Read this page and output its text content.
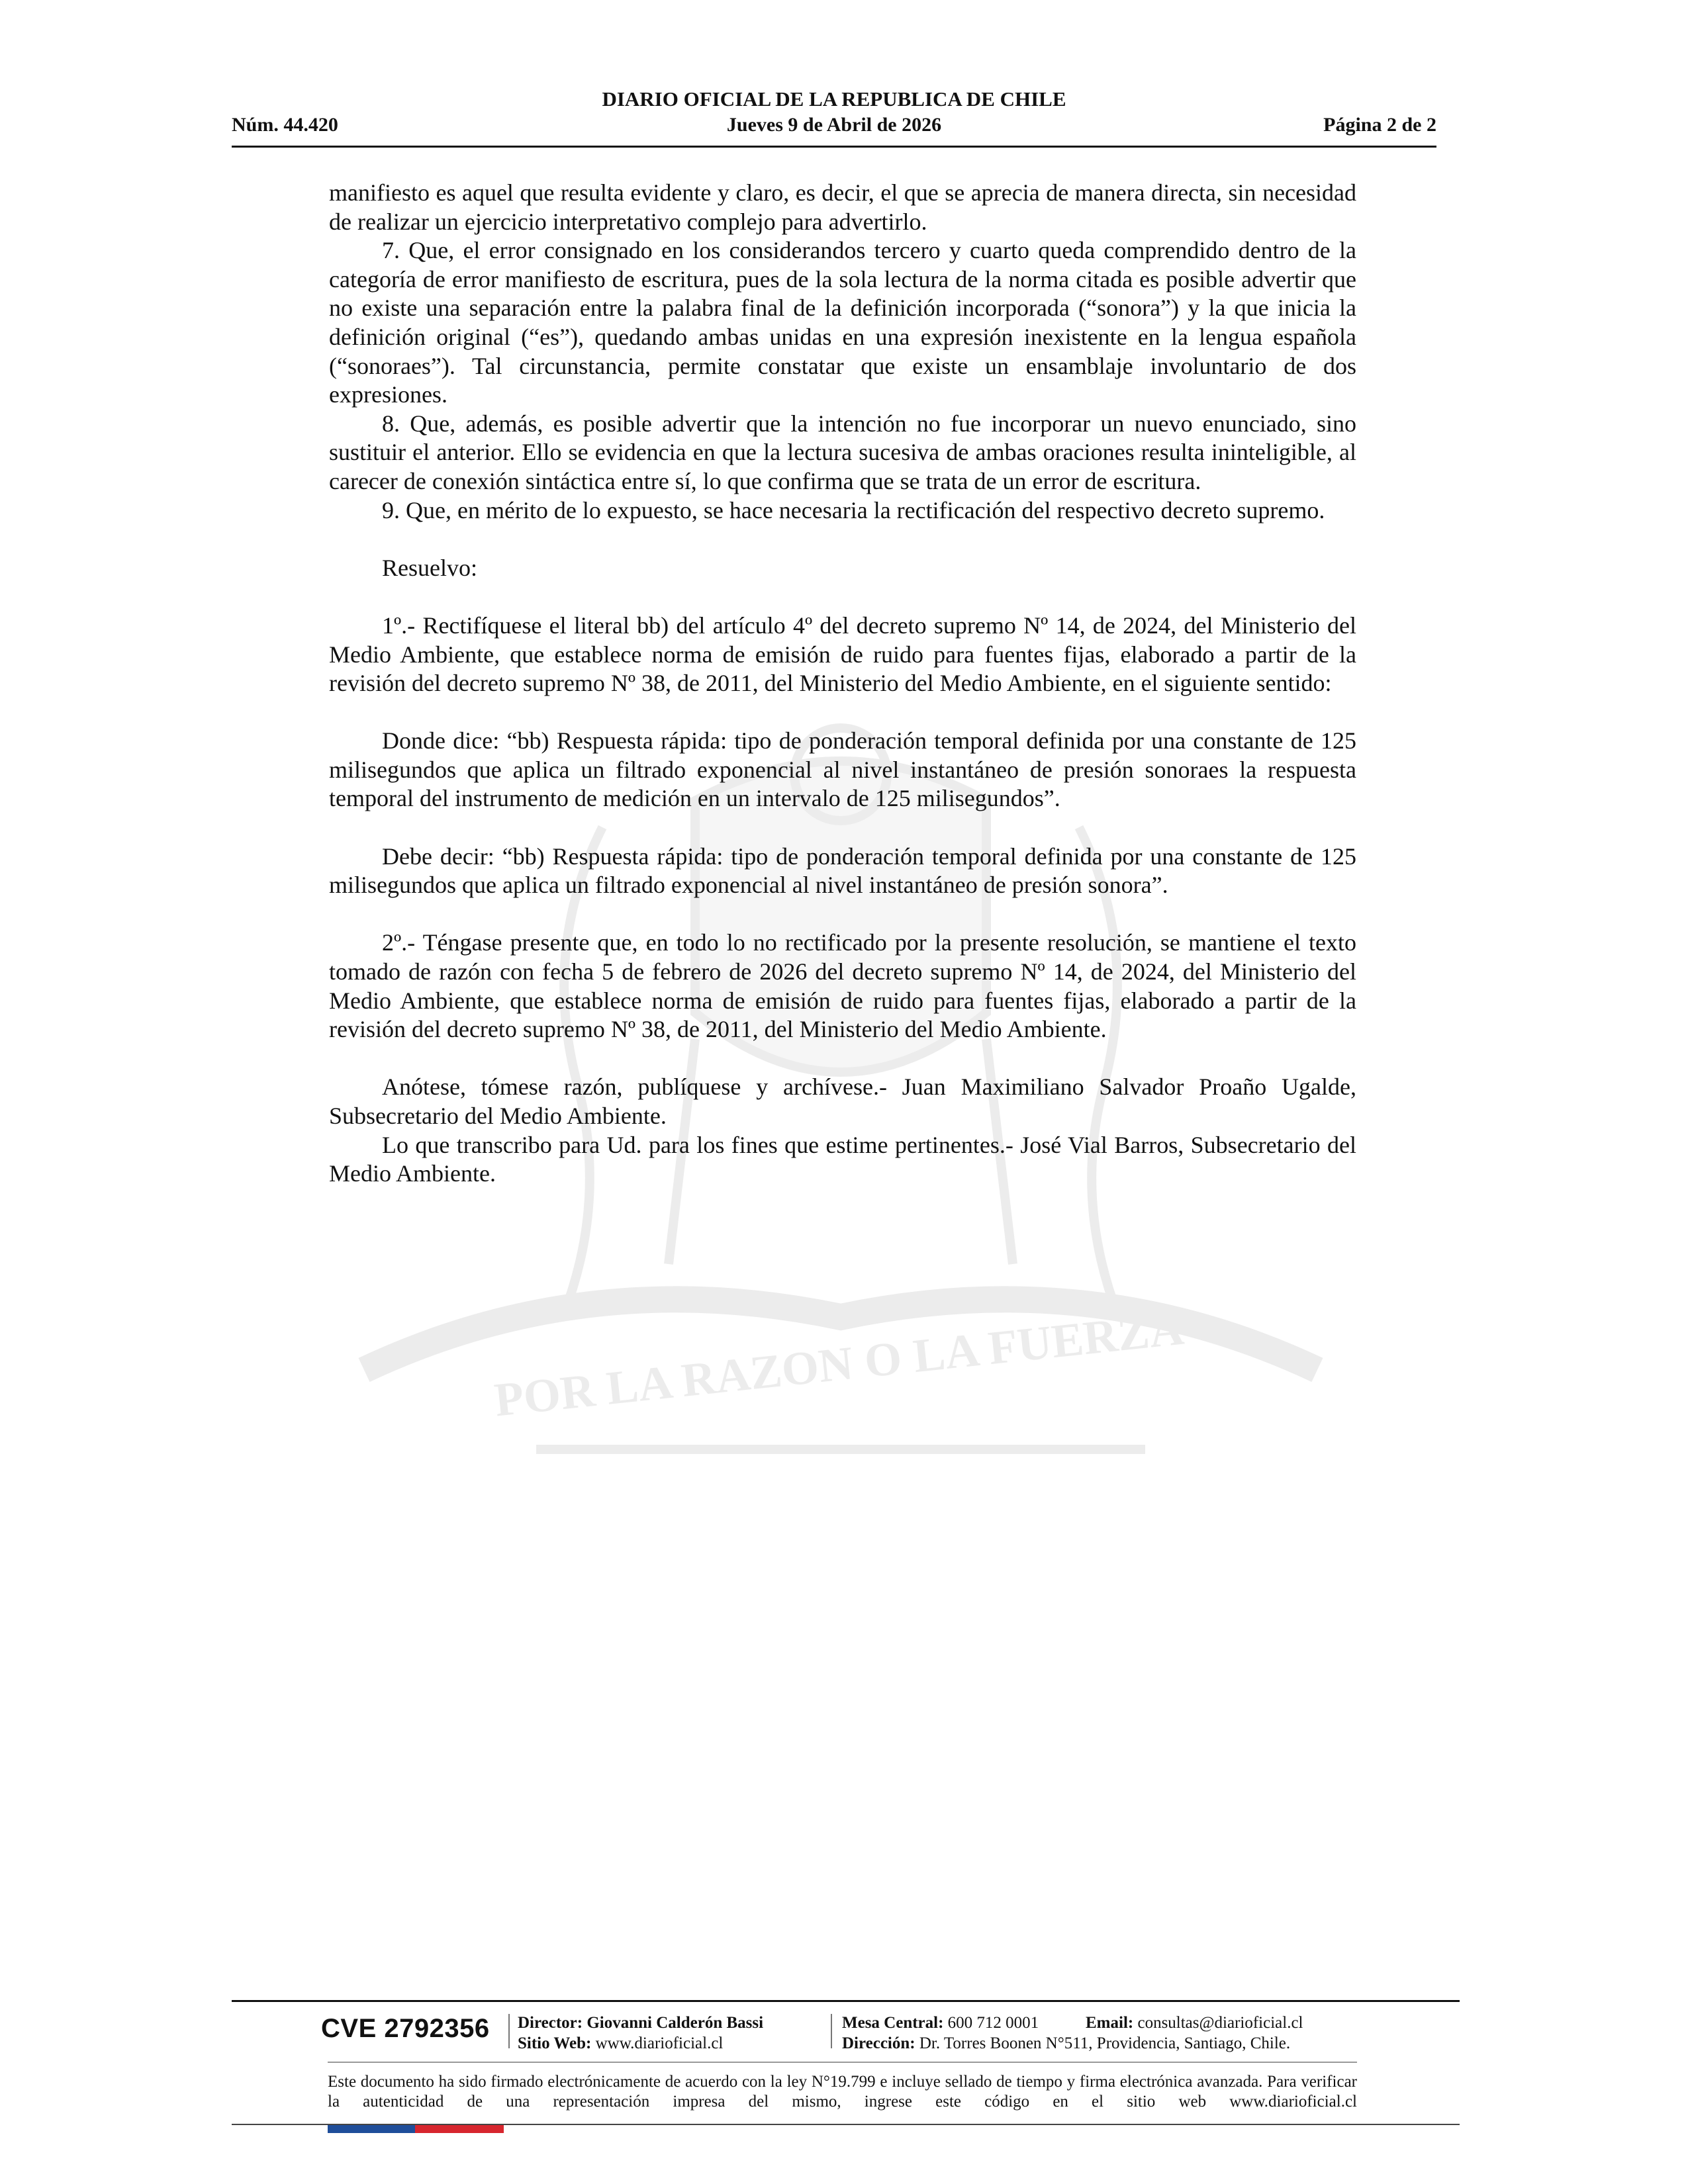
POR LA RAZON O LA FUERZA
DIARIO OFICIAL DE LA REPUBLICA DE CHILE
Núm. 44.420	Jueves 9 de Abril de 2026	Página 2 de 2

manifiesto es aquel que resulta evidente y claro, es decir, el que se aprecia de manera directa, sin necesidad de realizar un ejercicio interpretativo complejo para advertirlo.

7. Que, el error consignado en los considerandos tercero y cuarto queda comprendido dentro de la categoría de error manifiesto de escritura, pues de la sola lectura de la norma citada es posible advertir que no existe una separación entre la palabra final de la definición incorporada (“sonora”) y la que inicia la definición original (“es”), quedando ambas unidas en una expresión inexistente en la lengua española (“sonoraes”). Tal circunstancia, permite constatar que existe un ensamblaje involuntario de dos expresiones.

8. Que, además, es posible advertir que la intención no fue incorporar un nuevo enunciado, sino sustituir el anterior. Ello se evidencia en que la lectura sucesiva de ambas oraciones resulta ininteligible, al carecer de conexión sintáctica entre sí, lo que confirma que se trata de un error de escritura.

9. Que, en mérito de lo expuesto, se hace necesaria la rectificación del respectivo decreto supremo.

Resuelvo:

1º.- Rectifíquese el literal bb) del artículo 4º del decreto supremo Nº 14, de 2024, del Ministerio del Medio Ambiente, que establece norma de emisión de ruido para fuentes fijas, elaborado a partir de la revisión del decreto supremo Nº 38, de 2011, del Ministerio del Medio Ambiente, en el siguiente sentido:

Donde dice: “bb) Respuesta rápida: tipo de ponderación temporal definida por una constante de 125 milisegundos que aplica un filtrado exponencial al nivel instantáneo de presión sonoraes la respuesta temporal del instrumento de medición en un intervalo de 125 milisegundos”.

Debe decir: “bb) Respuesta rápida: tipo de ponderación temporal definida por una constante de 125 milisegundos que aplica un filtrado exponencial al nivel instantáneo de presión sonora”.

2º.- Téngase presente que, en todo lo no rectificado por la presente resolución, se mantiene el texto tomado de razón con fecha 5 de febrero de 2026 del decreto supremo Nº 14, de 2024, del Ministerio del Medio Ambiente, que establece norma de emisión de ruido para fuentes fijas, elaborado a partir de la revisión del decreto supremo Nº 38, de 2011, del Ministerio del Medio Ambiente.

Anótese, tómese razón, publíquese y archívese.- Juan Maximiliano Salvador Proaño Ugalde, Subsecretario del Medio Ambiente.

Lo que transcribo para Ud. para los fines que estime pertinentes.- José Vial Barros, Subsecretario del Medio Ambiente.

CVE 2792356 Director: Giovanni Calderón Bassi
Sitio Web: www.diarioficial.cl
Mesa Central: 600 712 0001
Dirección: Dr. Torres Boonen N°511, Providencia, Santiago, Chile.
Email: consultas@diarioficial.cl
Este documento ha sido firmado electrónicamente de acuerdo con la ley N°19.799 e incluye sellado de tiempo y firma electrónica avanzada. Para verificar la autenticidad de una representación impresa del mismo, ingrese este código en el sitio web www.diarioficial.cl
